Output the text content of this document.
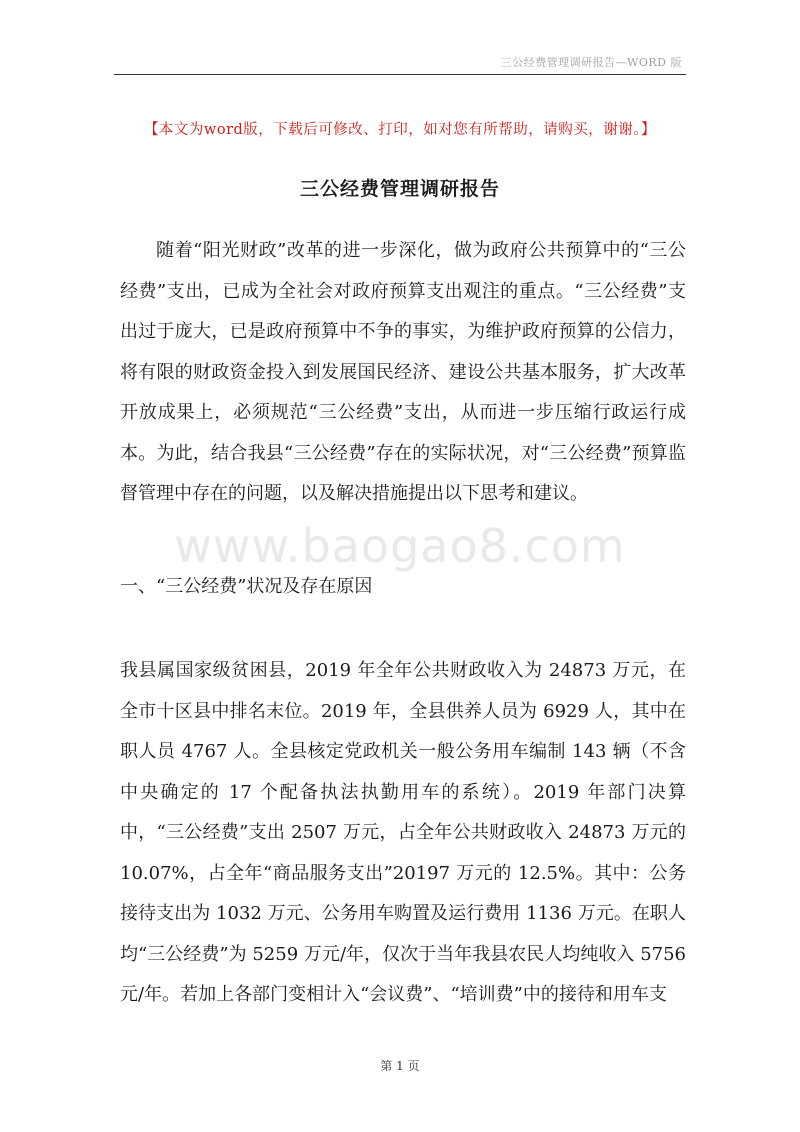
三公经费管理调研报告—WORD 版
【本文为word版，下载后可修改、打印，如对您有所帮助，请购买，谢谢。】
三公经费管理调研报告
随着“阳光财政”改革的进一步深化，做为政府公共预算中的“三公经费”支出，已成为全社会对政府预算支出观注的重点。“三公经费”支出过于庞大，已是政府预算中不争的事实，为维护政府预算的公信力，将有限的财政资金投入到发展国民经济、建设公共基本服务，扩大改革开放成果上，必须规范“三公经费”支出，从而进一步压缩行政运行成本。为此，结合我县“三公经费”存在的实际状况，对“三公经费”预算监督管理中存在的问题，以及解决措施提出以下思考和建议。
www.baogao8.com
一、“三公经费”状况及存在原因
我县属国家级贫困县，2019 年全年公共财政收入为 24873 万元，在全市十区县中排名末位。2019 年，全县供养人员为 6929 人，其中在职人员 4767 人。全县核定党政机关一般公务用车编制 143 辆（不含中央确定的 17 个配备执法执勤用车的系统）。2019 年部门决算中，“三公经费”支出 2507 万元，占全年公共财政收入 24873 万元的 10.07%，占全年“商品服务支出”20197 万元的 12.5%。其中：公务接待支出为 1032 万元、公务用车购置及运行费用 1136 万元。在职人均“三公经费”为 5259 万元/年，仅次于当年我县农民人均纯收入 5756 元/年。若加上各部门变相计入“会议费”、“培训费”中的接待和用车支
第 1 页
